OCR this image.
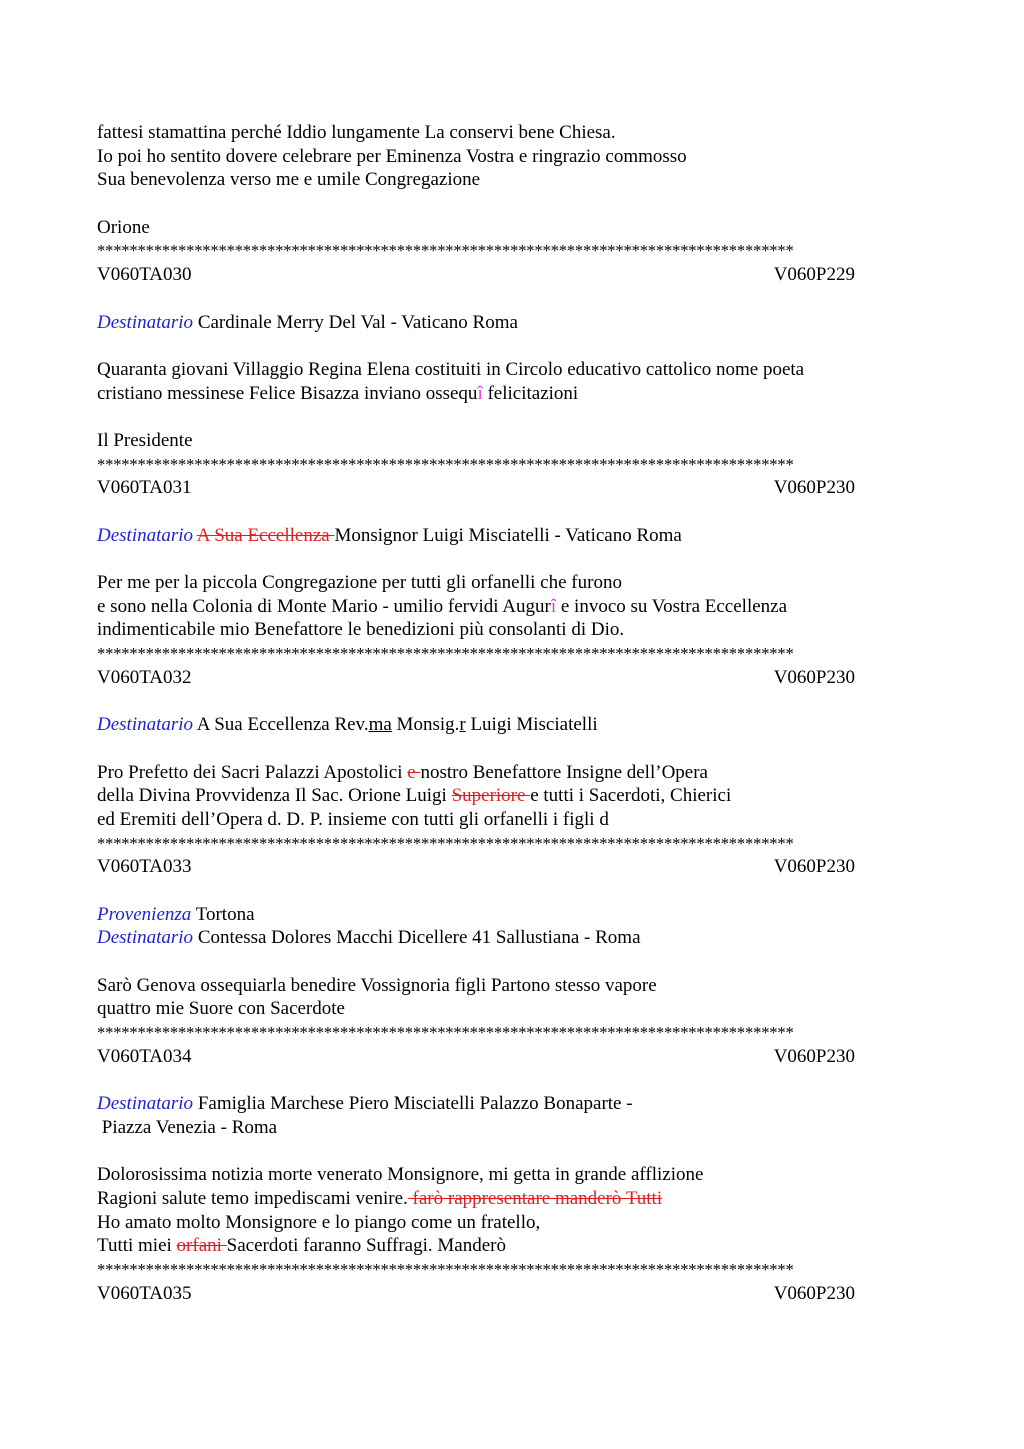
fattesi stamattina perché Iddio lungamente La conservi bene Chiesa.
Io poi ho sentito dovere celebrare per Eminenza Vostra e ringrazio commosso
Sua benevolenza verso me e umile Congregazione
Orione
**************************************************************************************
V060TA030	V060P229
Destinatario Cardinale Merry Del Val - Vaticano Roma
Quaranta giovani Villaggio Regina Elena costituiti in Circolo educativo cattolico nome poeta
cristiano messinese Felice Bisazza inviano ossequî felicitazioni
Il Presidente
**************************************************************************************
V060TA031	V060P230
Destinatario A Sua Eccellenza Monsignor Luigi Misciatelli - Vaticano Roma
Per me per la piccola Congregazione per tutti gli orfanelli che furono
e sono nella Colonia di Monte Mario - umilio fervidi Augurî e invoco su Vostra Eccellenza
indimenticabile mio Benefattore le benedizioni più consolanti di Dio.
**************************************************************************************
V060TA032	V060P230
Destinatario A Sua Eccellenza Rev.ma Monsig.r Luigi Misciatelli
Pro Prefetto dei Sacri Palazzi Apostolici e nostro Benefattore Insigne dell’Opera
della Divina Provvidenza Il Sac. Orione Luigi Superiore e tutti i Sacerdoti, Chierici
ed Eremiti dell’Opera d. D. P. insieme con tutti gli orfanelli i figli d
**************************************************************************************
V060TA033	V060P230
Provenienza Tortona
Destinatario Contessa Dolores Macchi Dicellere 41 Sallustiana - Roma
Sarò Genova ossequiarla benedire Vossignoria figli Partono stesso vapore
quattro mie Suore con Sacerdote
**************************************************************************************
V060TA034	V060P230
Destinatario Famiglia Marchese Piero Misciatelli Palazzo Bonaparte -
Piazza Venezia - Roma
Dolorosissima notizia morte venerato Monsignore, mi getta in grande afflizione
Ragioni salute temo impediscami venire. farò rappresentare manderò Tutti
Ho amato molto Monsignore e lo piango come un fratello,
Tutti miei orfani Sacerdoti faranno Suffragi. Manderò
**************************************************************************************
V060TA035	V060P230
